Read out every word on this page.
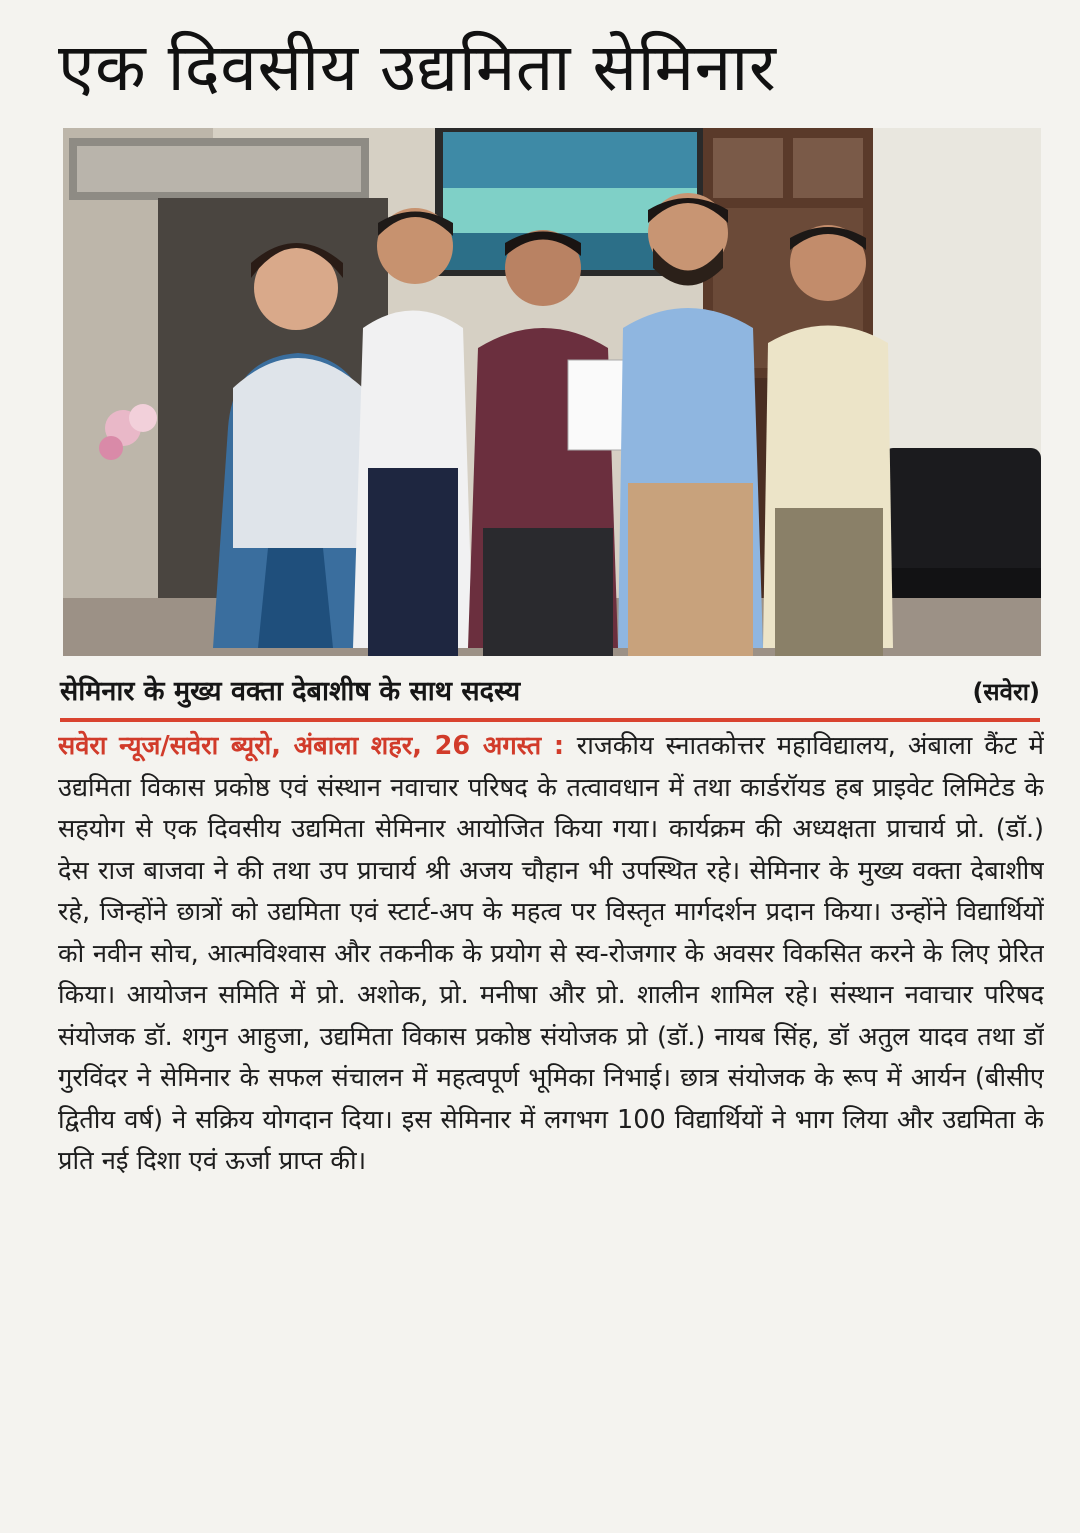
एक दिवसीय उद्यमिता सेमिनार
सेमिनार के मुख्य वक्ता देबाशीष के साथ सदस्य	(सवेरा)

सवेरा न्यूज/सवेरा ब्यूरो, अंबाला शहर, 26 अगस्त : राजकीय स्नातकोत्तर महाविद्यालय, अंबाला कैंट में उद्यमिता विकास प्रकोष्ठ एवं संस्थान नवाचार परिषद के तत्वावधान में तथा कार्डरॉयड हब प्राइवेट लिमिटेड के सहयोग से एक दिवसीय उद्यमिता सेमिनार आयोजित किया गया। कार्यक्रम की अध्यक्षता प्राचार्य प्रो. (डॉ.) देस राज बाजवा ने की तथा उप प्राचार्य श्री अजय चौहान भी उपस्थित रहे। सेमिनार के मुख्य वक्ता देबाशीष रहे, जिन्होंने छात्रों को उद्यमिता एवं स्टार्ट-अप के महत्व पर विस्तृत मार्गदर्शन प्रदान किया। उन्होंने विद्यार्थियों को नवीन सोच, आत्मविश्वास और तकनीक के प्रयोग से स्व-रोजगार के अवसर विकसित करने के लिए प्रेरित किया। आयोजन समिति में प्रो. अशोक, प्रो. मनीषा और प्रो. शालीन शामिल रहे। संस्थान नवाचार परिषद संयोजक डॉ. शगुन आहुजा, उद्यमिता विकास प्रकोष्ठ संयोजक प्रो (डॉ.) नायब सिंह, डॉ अतुल यादव तथा डॉ गुरविंदर ने सेमिनार के सफल संचालन में महत्वपूर्ण भूमिका निभाई। छात्र संयोजक के रूप में आर्यन (बीसीए द्वितीय वर्ष) ने सक्रिय योगदान दिया। इस सेमिनार में लगभग 100 विद्यार्थियों ने भाग लिया और उद्यमिता के प्रति नई दिशा एवं ऊर्जा प्राप्त की।
